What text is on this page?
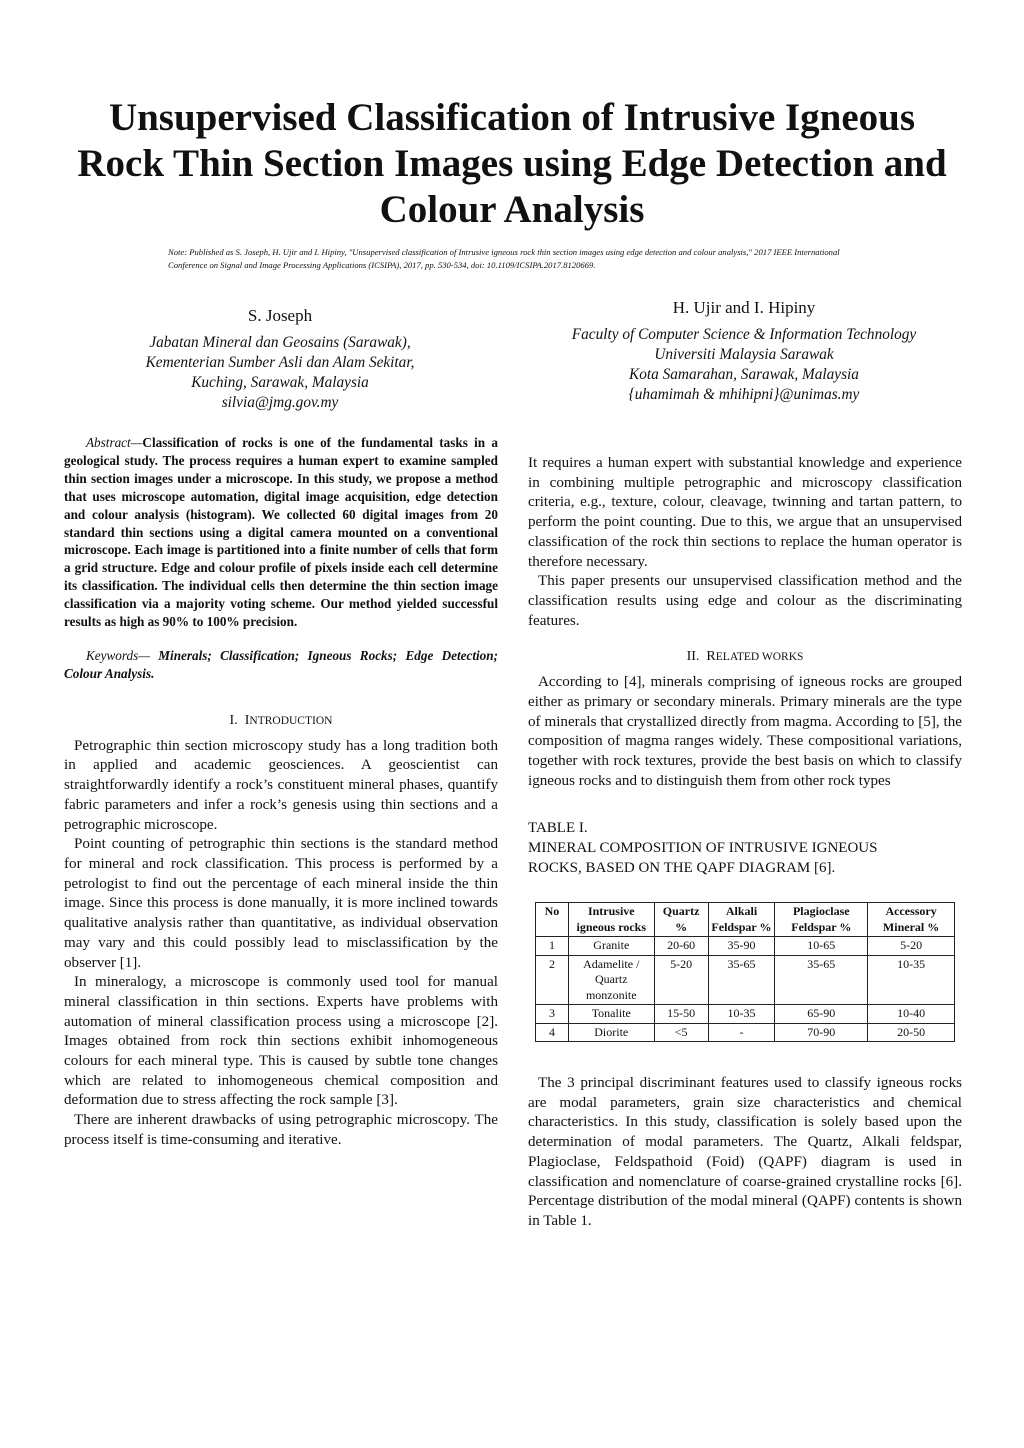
Unsupervised Classification of Intrusive Igneous Rock Thin Section Images using Edge Detection and Colour Analysis

Note: Published as S. Joseph, H. Ujir and I. Hipiny, "Unsupervised classification of Intrusive igneous rock thin section images using edge detection and colour analysis," 2017 IEEE International Conference on Signal and Image Processing Applications (ICSIPA), 2017, pp. 530-534, doi: 10.1109/ICSIPA.2017.8120669.

S. Joseph
Jabatan Mineral dan Geosains (Sarawak),
Kementerian Sumber Asli dan Alam Sekitar,
Kuching, Sarawak, Malaysia
silvia@jmg.gov.my
H. Ujir and I. Hipiny
Faculty of Computer Science & Information Technology
Universiti Malaysia Sarawak
Kota Samarahan, Sarawak, Malaysia
{uhamimah & mhihipni}@unimas.my

Abstract—Classification of rocks is one of the fundamental tasks in a geological study. The process requires a human expert to examine sampled thin section images under a microscope. In this study, we propose a method that uses microscope automation, digital image acquisition, edge detection and colour analysis (histogram). We collected 60 digital images from 20 standard thin sections using a digital camera mounted on a conventional microscope. Each image is partitioned into a finite number of cells that form a grid structure. Edge and colour profile of pixels inside each cell determine its classification. The individual cells then determine the thin section image classification via a majority voting scheme. Our method yielded successful results as high as 90% to 100% precision.

Keywords— Minerals; Classification; Igneous Rocks; Edge Detection; Colour Analysis.

I. INTRODUCTION

Petrographic thin section microscopy study has a long tradition both in applied and academic geosciences. A geoscientist can straightforwardly identify a rock’s constituent mineral phases, quantify fabric parameters and infer a rock’s genesis using thin sections and a petrographic microscope.

Point counting of petrographic thin sections is the standard method for mineral and rock classification. This process is performed by a petrologist to find out the percentage of each mineral inside the thin image. Since this process is done manually, it is more inclined towards qualitative analysis rather than quantitative, as individual observation may vary and this could possibly lead to misclassification by the observer [1].

In mineralogy, a microscope is commonly used tool for manual mineral classification in thin sections. Experts have problems with automation of mineral classification process using a microscope [2]. Images obtained from rock thin sections exhibit inhomogeneous colours for each mineral type. This is caused by subtle tone changes which are related to inhomogeneous chemical composition and deformation due to stress affecting the rock sample [3].

There are inherent drawbacks of using petrographic microscopy. The process itself is time-consuming and iterative.

It requires a human expert with substantial knowledge and experience in combining multiple petrographic and microscopy classification criteria, e.g., texture, colour, cleavage, twinning and tartan pattern, to perform the point counting. Due to this, we argue that an unsupervised classification of the rock thin sections to replace the human operator is therefore necessary.

This paper presents our unsupervised classification method and the classification results using edge and colour as the discriminating features.

II. RELATED WORKS

According to [4], minerals comprising of igneous rocks are grouped either as primary or secondary minerals. Primary minerals are the type of minerals that crystallized directly from magma. According to [5], the composition of magma ranges widely. These compositional variations, together with rock textures, provide the best basis on which to classify igneous rocks and to distinguish them from other rock types

TABLE I.

MINERAL COMPOSITION OF INTRUSIVE IGNEOUS

ROCKS, BASED ON THE QAPF DIAGRAM [6].

No	Intrusive igneous rocks	Quartz %	Alkali Feldspar %	Plagioclase Feldspar %	Accessory Mineral %
1	Granite	20-60	35-90	10-65	5-20
2	Adamelite / Quartz monzonite	5-20	35-65	35-65	10-35
3	Tonalite	15-50	10-35	65-90	10-40
4	Diorite	<5	-	70-90	20-50

The 3 principal discriminant features used to classify igneous rocks are modal parameters, grain size characteristics and chemical characteristics. In this study, classification is solely based upon the determination of modal parameters. The Quartz, Alkali feldspar, Plagioclase, Feldspathoid (Foid) (QAPF) diagram is used in classification and nomenclature of coarse-grained crystalline rocks [6]. Percentage distribution of the modal mineral (QAPF) contents is shown in Table 1.
